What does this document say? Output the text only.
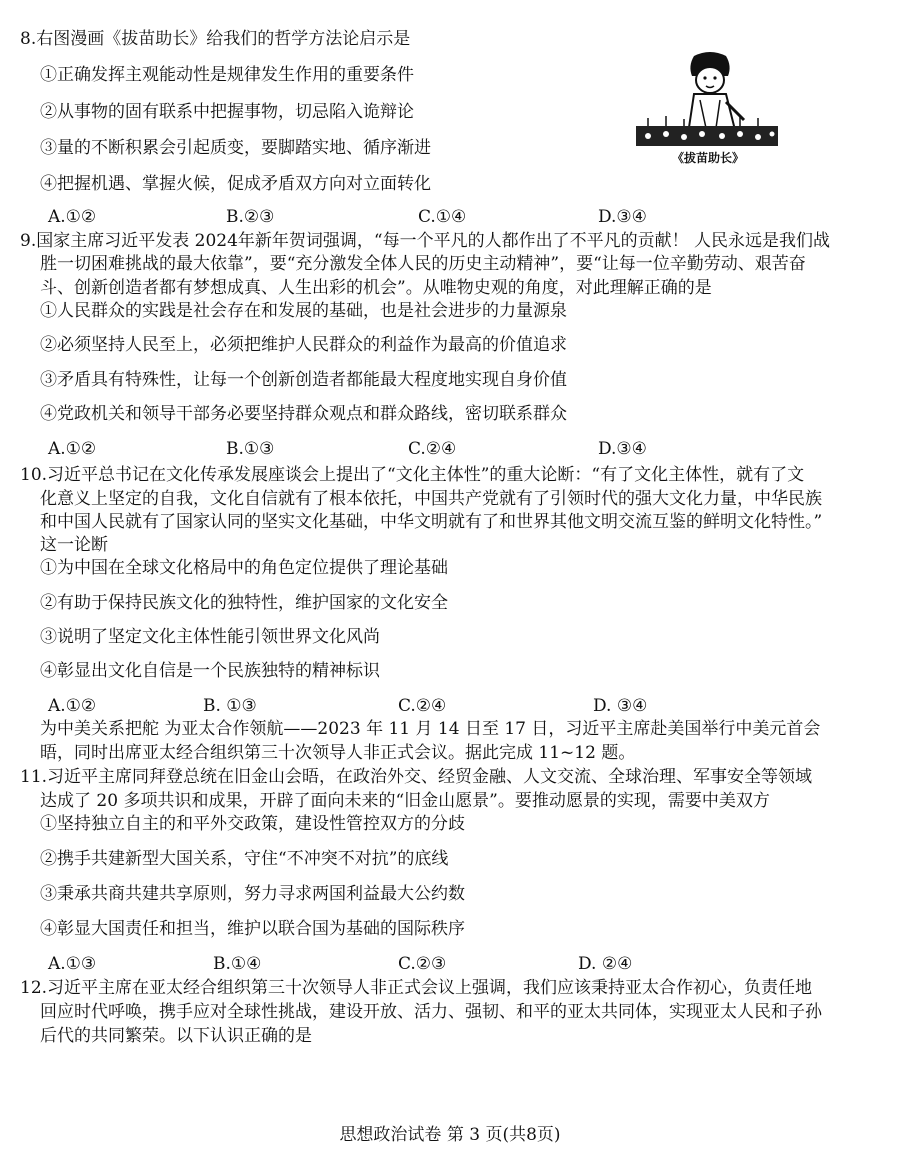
8.右图漫画《拔苗助长》给我们的哲学方法论启示是
①正确发挥主观能动性是规律发生作用的重要条件
②从事物的固有联系中把握事物，切忌陷入诡辩论
③量的不断积累会引起质变，要脚踏实地、循序渐进
④把握机遇、掌握火候，促成矛盾双方向对立面转化
《拔苗助长》
A.①②	B.②③	C.①④	D.③④
9.国家主席习近平发表 2024年新年贺词强调，“每一个平凡的人都作出了不平凡的贡献！ 人民永远是我们战
胜一切困难挑战的最大依靠”，要“充分激发全体人民的历史主动精神”，要“让每一位辛勤劳动、艰苦奋
斗、创新创造者都有梦想成真、人生出彩的机会”。从唯物史观的角度，对此理解正确的是
①人民群众的实践是社会存在和发展的基础，也是社会进步的力量源泉
②必须坚持人民至上，必须把维护人民群众的利益作为最高的价值追求
③矛盾具有特殊性，让每一个创新创造者都能最大程度地实现自身价值
④党政机关和领导干部务必要坚持群众观点和群众路线，密切联系群众
A.①②	B.①③	C.②④	D.③④
10.习近平总书记在文化传承发展座谈会上提出了“文化主体性”的重大论断：“有了文化主体性，就有了文
化意义上坚定的自我，文化自信就有了根本依托，中国共产党就有了引领时代的强大文化力量，中华民族
和中国人民就有了国家认同的坚实文化基础，中华文明就有了和世界其他文明交流互鉴的鲜明文化特性。”
这一论断
①为中国在全球文化格局中的角色定位提供了理论基础
②有助于保持民族文化的独特性，维护国家的文化安全
③说明了坚定文化主体性能引领世界文化风尚
④彰显出文化自信是一个民族独特的精神标识
A.①②	B. ①③	C.②④	D. ③④
为中美关系把舵 为亚太合作领航——2023 年 11 月 14 日至 17 日，习近平主席赴美国举行中美元首会
晤，同时出席亚太经合组织第三十次领导人非正式会议。据此完成 11~12 题。
11.习近平主席同拜登总统在旧金山会晤，在政治外交、经贸金融、人文交流、全球治理、军事安全等领域
达成了 20 多项共识和成果，开辟了面向未来的“旧金山愿景”。要推动愿景的实现，需要中美双方
①坚持独立自主的和平外交政策，建设性管控双方的分歧
②携手共建新型大国关系，守住“不冲突不对抗”的底线
③秉承共商共建共享原则，努力寻求两国利益最大公约数
④彰显大国责任和担当，维护以联合国为基础的国际秩序
A.①③	B.①④	C.②③	D. ②④
12.习近平主席在亚太经合组织第三十次领导人非正式会议上强调，我们应该秉持亚太合作初心，负责任地
回应时代呼唤，携手应对全球性挑战，建设开放、活力、强韧、和平的亚太共同体，实现亚太人民和子孙
后代的共同繁荣。以下认识正确的是
思想政治试卷 第 3 页(共8页)
